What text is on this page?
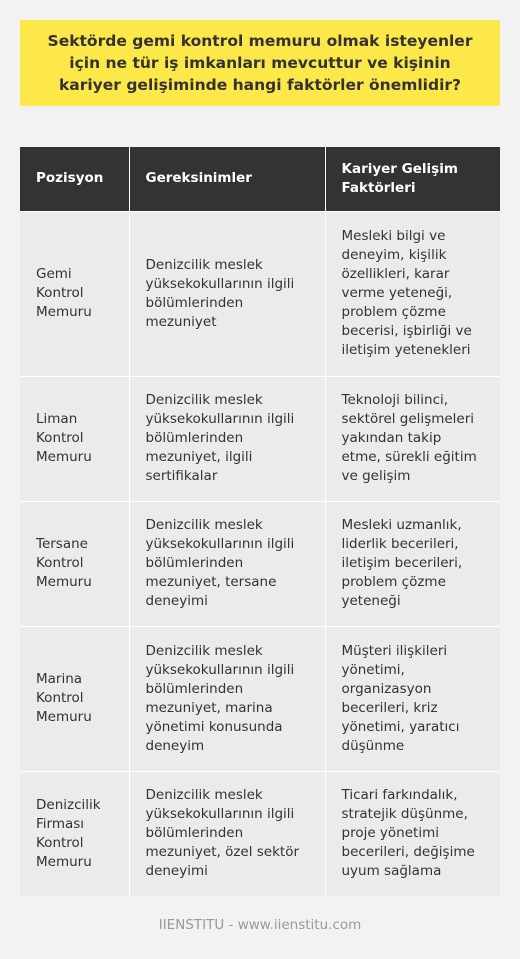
Sektörde gemi kontrol memuru olmak isteyenler için ne tür iş imkanları mevcuttur ve kişinin kariyer gelişiminde hangi faktörler önemlidir?
Pozisyon	Gereksinimler	Kariyer Gelişim Faktörleri
Gemi Kontrol Memuru	Denizcilik meslek yüksekokullarının ilgili bölümlerinden mezuniyet	Mesleki bilgi ve deneyim, kişilik özellikleri, karar verme yeteneği, problem çözme becerisi, işbirliği ve iletişim yetenekleri
Liman Kontrol Memuru	Denizcilik meslek yüksekokullarının ilgili bölümlerinden mezuniyet, ilgili sertifikalar	Teknoloji bilinci, sektörel gelişmeleri yakından takip etme, sürekli eğitim ve gelişim
Tersane Kontrol Memuru	Denizcilik meslek yüksekokullarının ilgili bölümlerinden mezuniyet, tersane deneyimi	Mesleki uzmanlık, liderlik becerileri, iletişim becerileri, problem çözme yeteneği
Marina Kontrol Memuru	Denizcilik meslek yüksekokullarının ilgili bölümlerinden mezuniyet, marina yönetimi konusunda deneyim	Müşteri ilişkileri yönetimi, organizasyon becerileri, kriz yönetimi, yaratıcı düşünme
Denizcilik Firması Kontrol Memuru	Denizcilik meslek yüksekokullarının ilgili bölümlerinden mezuniyet, özel sektör deneyimi	Ticari farkındalık, stratejik düşünme, proje yönetimi becerileri, değişime uyum sağlama
IIENSTITU - www.iienstitu.com
